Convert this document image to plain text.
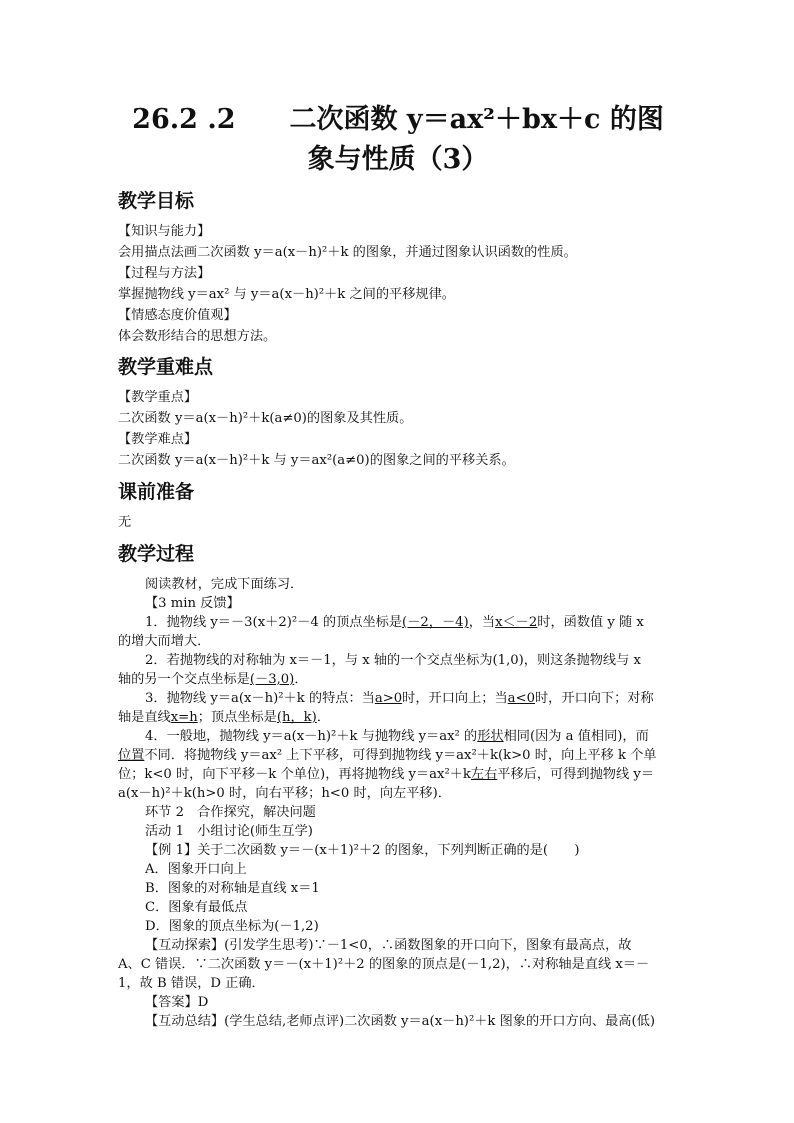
26.2 .2　　二次函数 y＝ax²＋bx＋c 的图
象与性质（3）
教学目标
【知识与能力】
会用描点法画二次函数 y＝a(x－h)²＋k 的图象，并通过图象认识函数的性质。
【过程与方法】
掌握抛物线 y＝ax² 与 y＝a(x－h)²＋k 之间的平移规律。
【情感态度价值观】
体会数形结合的思想方法。
教学重难点
【教学重点】
二次函数 y＝a(x－h)²＋k(a≠0)的图象及其性质。
【教学难点】
二次函数 y＝a(x－h)²＋k 与 y＝ax²(a≠0)的图象之间的平移关系。
课前准备
无
教学过程
阅读教材，完成下面练习．
【3 min 反馈】
1．抛物线 y＝－3(x＋2)²－4 的顶点坐标是(－2，－4)，当x＜－2时，函数值 y 随 x
的增大而增大．
2．若抛物线的对称轴为 x＝－1，与 x 轴的一个交点坐标为(1,0)，则这条抛物线与 x
轴的另一个交点坐标是(－3,0)．
3．抛物线 y＝a(x－h)²＋k 的特点：当a>0时，开口向上；当a<0时，开口向下；对称
轴是直线x=h；顶点坐标是(h，k)．
4．一般地，抛物线 y＝a(x－h)²＋k 与抛物线 y＝ax² 的形状相同(因为 a 值相同)，而
位置不同．将抛物线 y＝ax² 上下平移，可得到抛物线 y＝ax²＋k(k>0 时，向上平移 k 个单
位；k<0 时，向下平移－k 个单位)，再将抛物线 y＝ax²＋k左右平移后，可得到抛物线 y＝
a(x－h)²＋k(h>0 时，向右平移；h<0 时，向左平移)．
环节 2　合作探究，解决问题
活动 1　小组讨论(师生互学)
【例 1】关于二次函数 y＝－(x＋1)²＋2 的图象，下列判断正确的是(　　)
A．图象开口向上
B．图象的对称轴是直线 x＝1
C．图象有最低点
D．图象的顶点坐标为(－1,2)
【互动探索】(引发学生思考)∵－1<0，∴函数图象的开口向下，图象有最高点，故
A、C 错误．∵二次函数 y＝－(x＋1)²＋2 的图象的顶点是(－1,2)，∴对称轴是直线 x＝－
1，故 B 错误，D 正确．
【答案】D
【互动总结】(学生总结,老师点评)二次函数 y＝a(x－h)²＋k 图象的开口方向、最高(低)
